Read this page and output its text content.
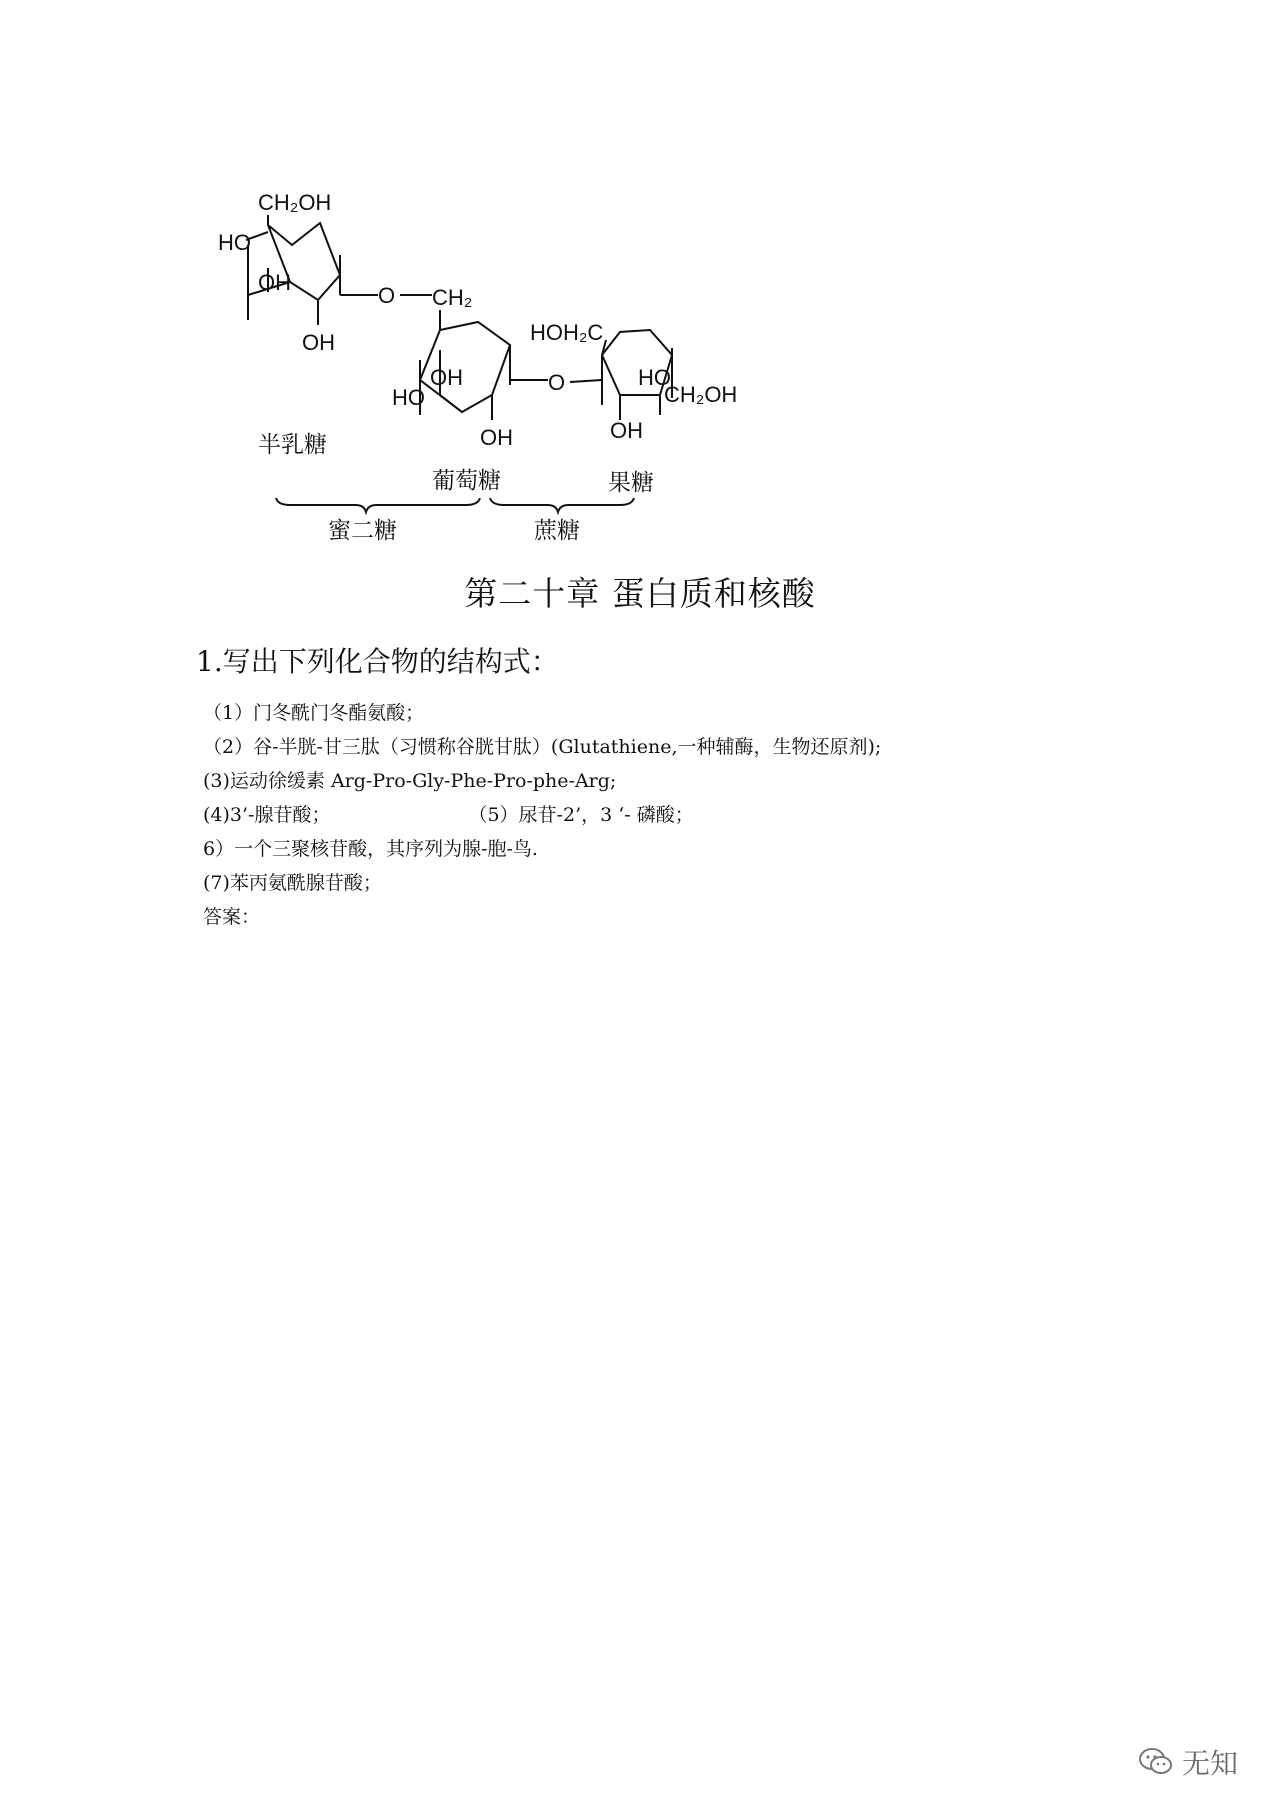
CH₂OH
HO
OH
OH
O CH₂
OH
HO
OH
O
HOH₂C
HO
CH₂OH
OH
半乳糖
葡萄糖	果糖
蜜二糖	蔗糖
第二十章 蛋白质和核酸
1.写出下列化合物的结构式：
（1）门冬酰门冬酯氨酸；
（2）谷-半胱-甘三肽（习惯称谷胱甘肽）(Glutathiene,一种辅酶，生物还原剂);
(3)运动徐缓素 Arg-Pro-Gly-Phe-Pro-phe-Arg;
(4)3’-腺苷酸；	（5）尿苷-2’，3 ‘- 磷酸；
6）一个三聚核苷酸，其序列为腺-胞-鸟.
(7)苯丙氨酰腺苷酸；
答案：
无知
